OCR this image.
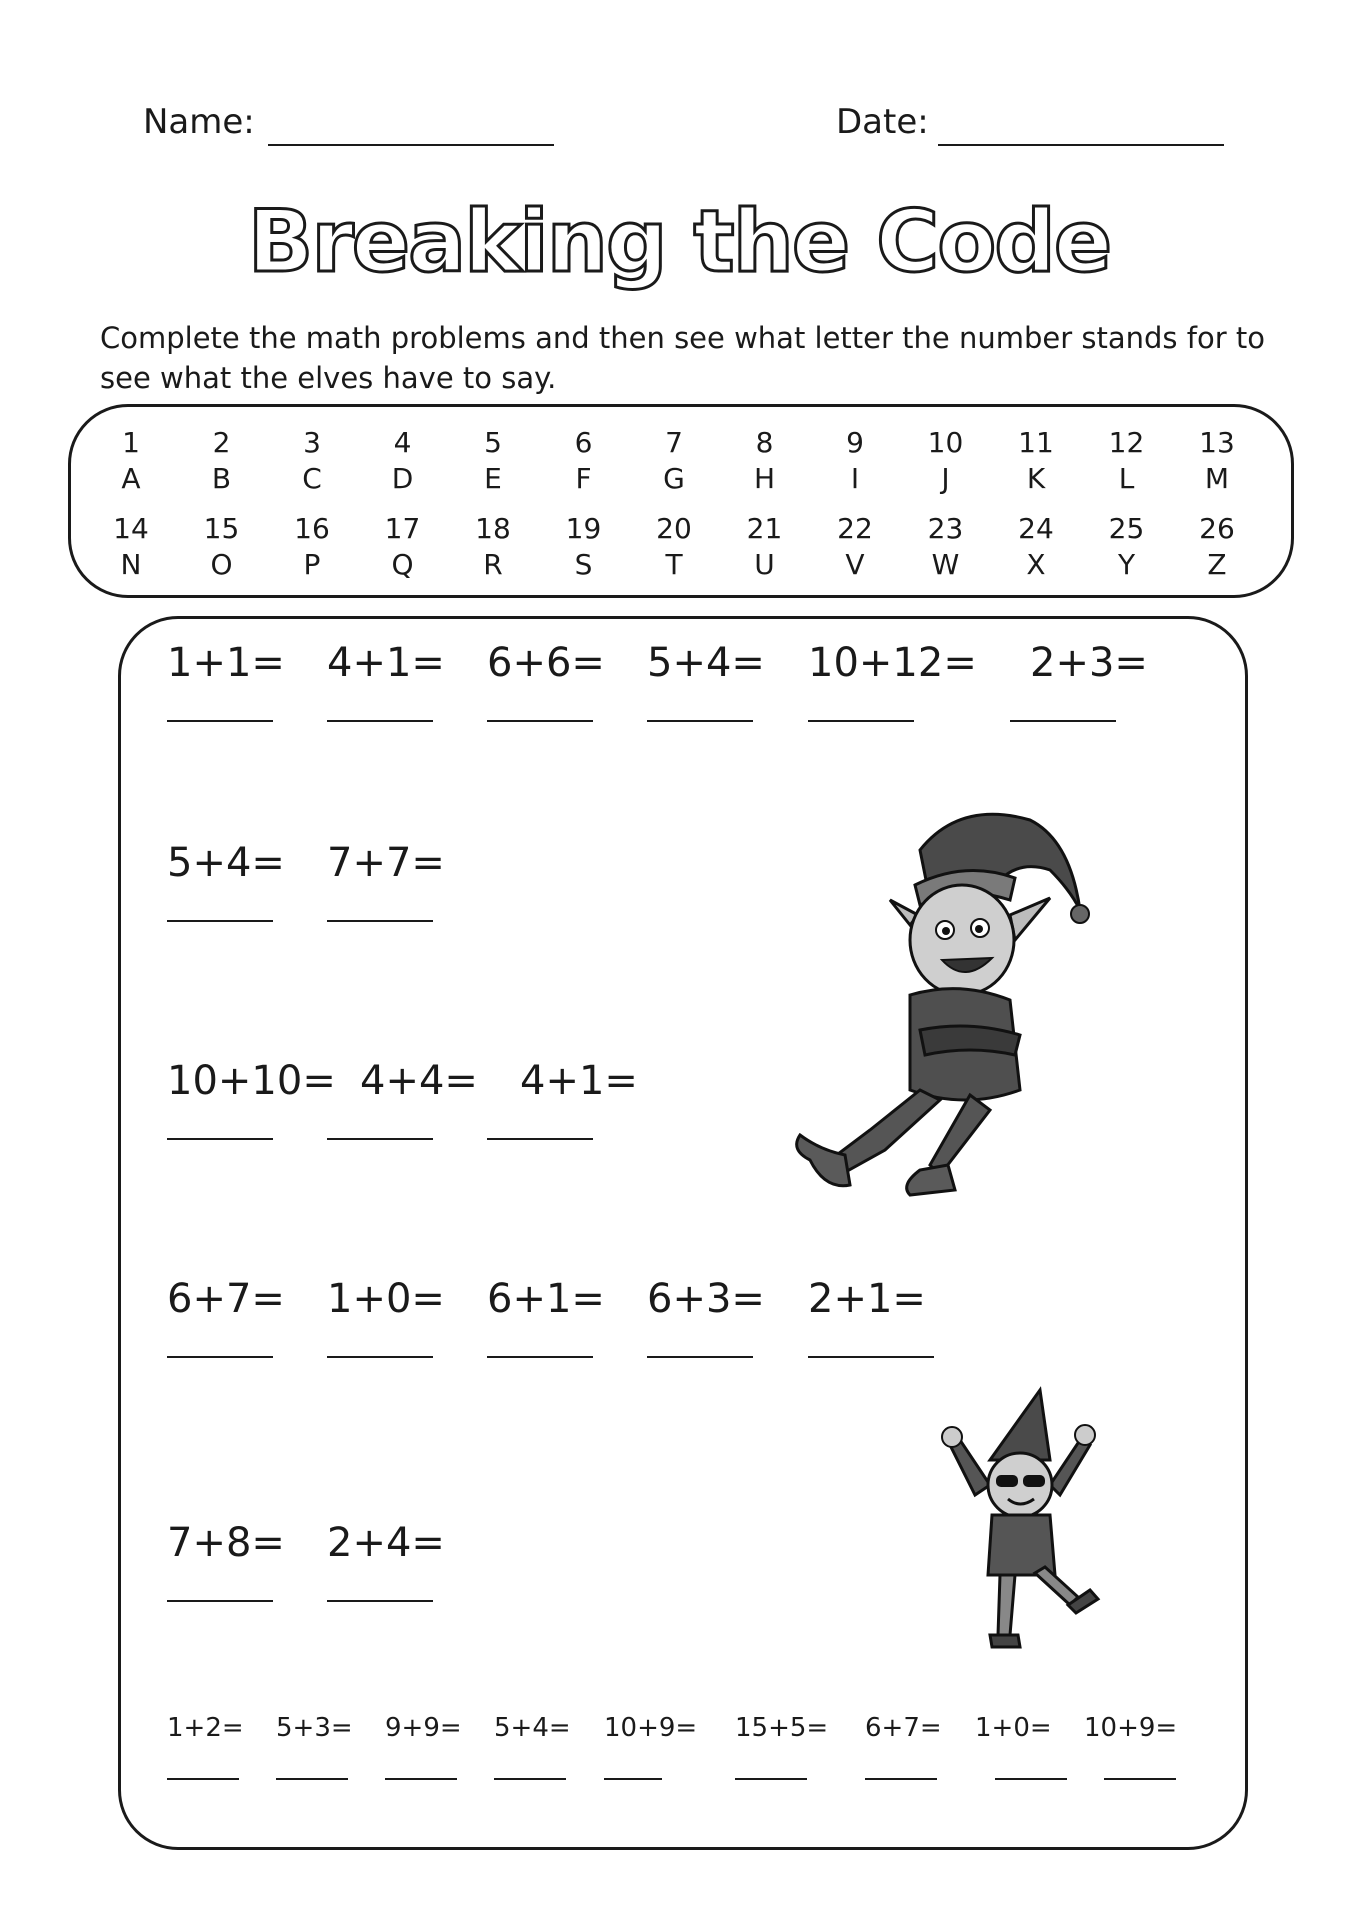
Name:	Date:
Breaking the Code
Complete the math problems and then see what letter the number stands for to see what the elves have to say.
1
A
2
B
3
C
4
D
5
E
6
F
7
G
8
H
9
I
10
J
11
K
12
L
13
M
14
N
15
O
16
P
17
Q
18
R
19
S
20
T
21
U
22
V
23
W
24
X
25
Y
26
Z
1+1= 4+1= 6+6= 5+4= 10+12= 2+3=
5+4= 7+7=
10+10= 4+4= 4+1=
6+7= 1+0= 6+1= 6+3= 2+1=
7+8= 2+4=
1+2= 5+3= 9+9= 5+4= 10+9= 15+5= 6+7= 1+0= 10+9=
